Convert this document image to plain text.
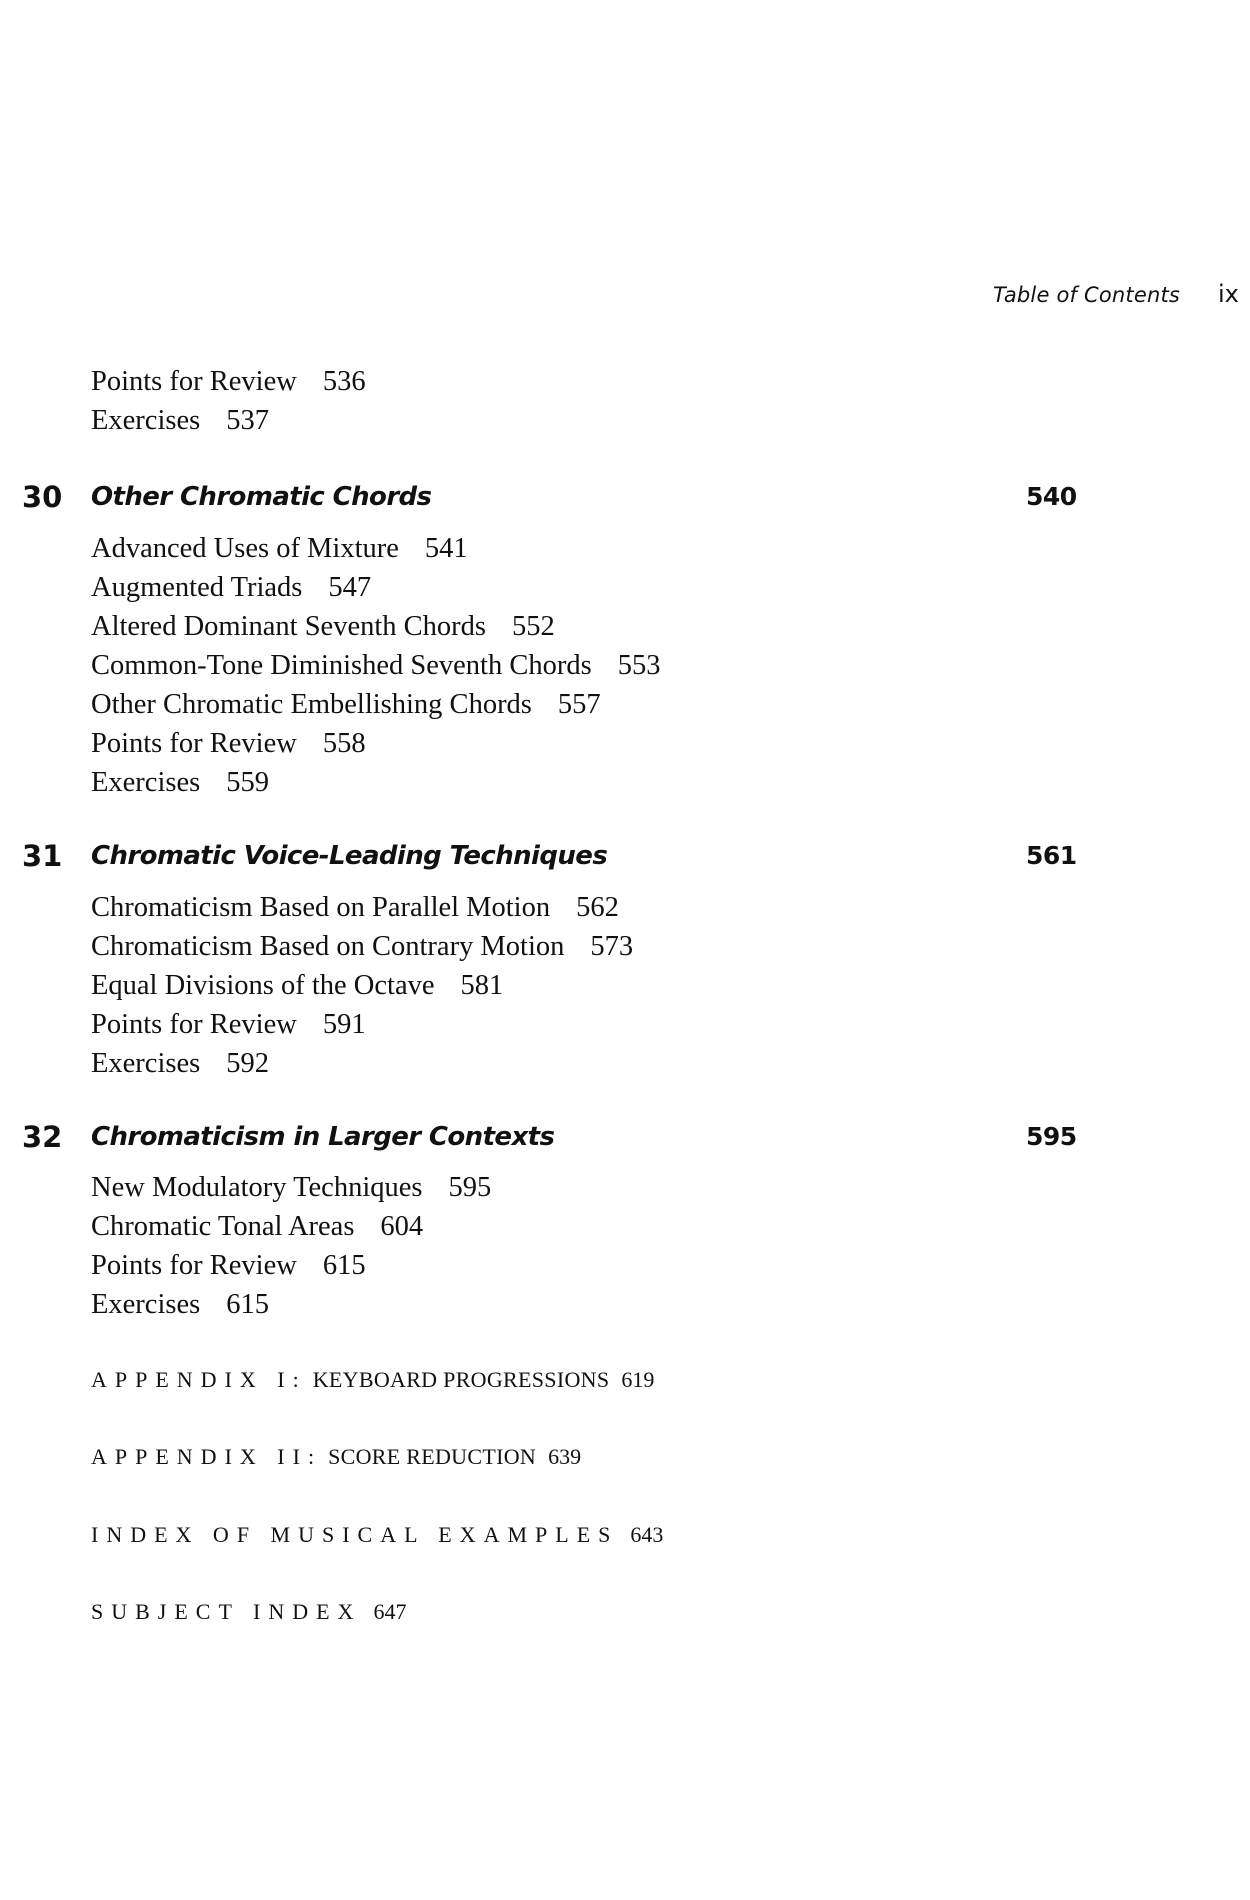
Table of Contents ix
Points for Review 536
Exercises 537
30 Other Chromatic Chords	540
Advanced Uses of Mixture 541
Augmented Triads 547
Altered Dominant Seventh Chords 552
Common-Tone Diminished Seventh Chords 553
Other Chromatic Embellishing Chords 557
Points for Review 558
Exercises 559
31 Chromatic Voice-Leading Techniques	561
Chromaticism Based on Parallel Motion 562
Chromaticism Based on Contrary Motion 573
Equal Divisions of the Octave 581
Points for Review 591
Exercises 592
32 Chromaticism in Larger Contexts	595
New Modulatory Techniques 595
Chromatic Tonal Areas 604
Points for Review 615
Exercises 615
APPENDIX I: KEYBOARD PROGRESSIONS 619
APPENDIX II: SCORE REDUCTION 639
INDEX OF MUSICAL EXAMPLES 643
SUBJECT INDEX 647
